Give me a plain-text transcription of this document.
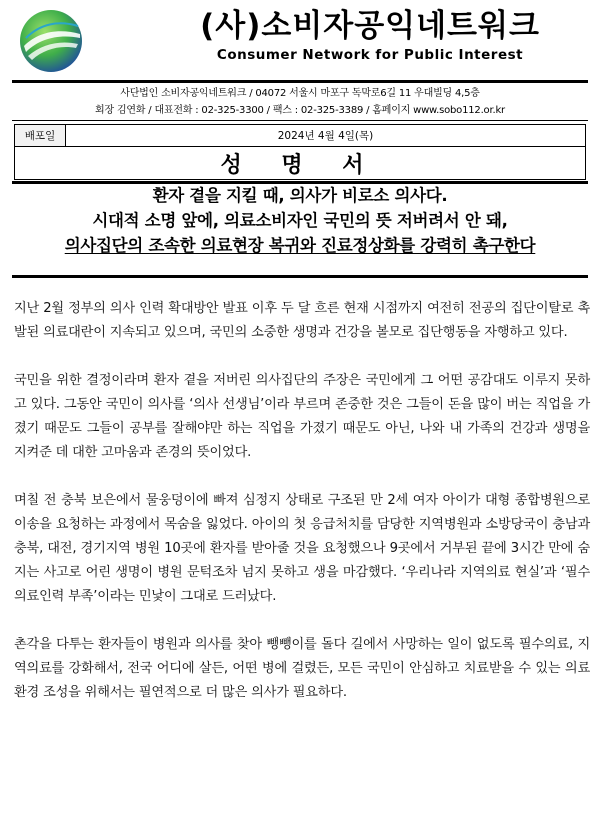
(사)소비자공익네트워크
Consumer Network for Public Interest
사단법인 소비자공익네트워크 / 04072 서울시 마포구 독막로6길 11 우대빌딩 4,5층
회장 김연화 / 대표전화 : 02-325-3300 / 팩스 : 02-325-3389 / 홈페이지 www.sobo112.or.kr
배포일	2024년 4월 4일(목)
성 명 서
환자 곁을 지킬 때, 의사가 비로소 의사다.
시대적 소명 앞에, 의료소비자인 국민의 뜻 저버려서 안 돼,
의사집단의 조속한 의료현장 복귀와 진료정상화를 강력히 촉구한다

지난 2월 정부의 의사 인력 확대방안 발표 이후 두 달 흐른 현재 시점까지 여전히 전공의 집단이탈로 촉발된 의료대란이 지속되고 있으며, 국민의 소중한 생명과 건강을 볼모로 집단행동을 자행하고 있다.

국민을 위한 결정이라며 환자 곁을 저버린 의사집단의 주장은 국민에게 그 어떤 공감대도 이루지 못하고 있다. 그동안 국민이 의사를 ‘의사 선생님’이라 부르며 존중한 것은 그들이 돈을 많이 버는 직업을 가졌기 때문도 그들이 공부를 잘해야만 하는 직업을 가졌기 때문도 아닌, 나와 내 가족의 건강과 생명을 지켜준 데 대한 고마움과 존경의 뜻이었다.

며칠 전 충북 보은에서 물웅덩이에 빠져 심정지 상태로 구조된 만 2세 여자 아이가 대형 종합병원으로 이송을 요청하는 과정에서 목숨을 잃었다. 아이의 첫 응급처치를 담당한 지역병원과 소방당국이 충남과 충북, 대전, 경기지역 병원 10곳에 환자를 받아줄 것을 요청했으나 9곳에서 거부된 끝에 3시간 만에 숨지는 사고로 어린 생명이 병원 문턱조차 넘지 못하고 생을 마감했다. ‘우리나라 지역의료 현실’과 ‘필수의료인력 부족’이라는 민낯이 그대로 드러났다.

촌각을 다투는 환자들이 병원과 의사를 찾아 뺑뺑이를 돌다 길에서 사망하는 일이 없도록 필수의료, 지역의료를 강화해서, 전국 어디에 살든, 어떤 병에 걸렸든, 모든 국민이 안심하고 치료받을 수 있는 의료환경 조성을 위해서는 필연적으로 더 많은 의사가 필요하다.
